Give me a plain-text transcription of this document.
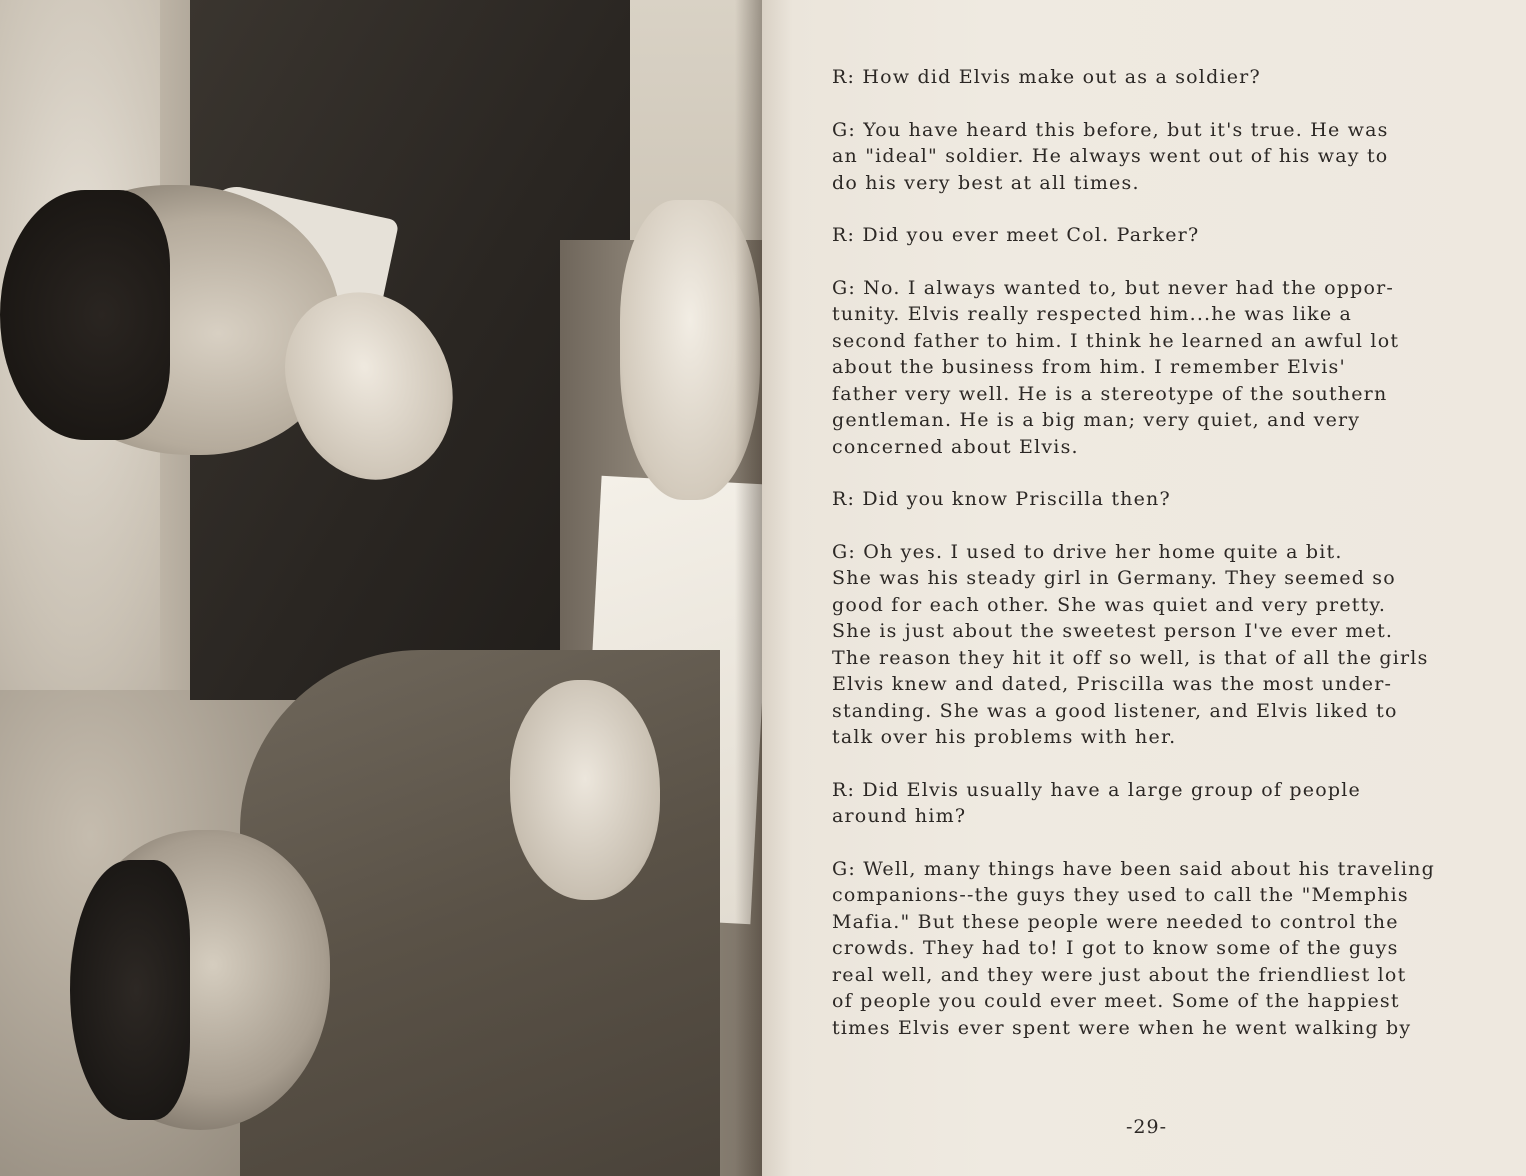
R: How did Elvis make out as a soldier?

G: You have heard this before, but it's true. He was
an "ideal" soldier. He always went out of his way to
do his very best at all times.

R: Did you ever meet Col. Parker?

G: No. I always wanted to, but never had the oppor-
tunity. Elvis really respected him...he was like a
second father to him. I think he learned an awful lot
about the business from him. I remember Elvis'
father very well. He is a stereotype of the southern
gentleman. He is a big man; very quiet, and very
concerned about Elvis.

R: Did you know Priscilla then?

G: Oh yes. I used to drive her home quite a bit.
She was his steady girl in Germany. They seemed so
good for each other. She was quiet and very pretty.
She is just about the sweetest person I've ever met.
The reason they hit it off so well, is that of all the girls
Elvis knew and dated, Priscilla was the most under-
standing. She was a good listener, and Elvis liked to
talk over his problems with her.

R: Did Elvis usually have a large group of people
around him?

G: Well, many things have been said about his traveling
companions--the guys they used to call the "Memphis
Mafia." But these people were needed to control the
crowds. They had to! I got to know some of the guys
real well, and they were just about the friendliest lot
of people you could ever meet. Some of the happiest
times Elvis ever spent were when he went walking by

-29-
